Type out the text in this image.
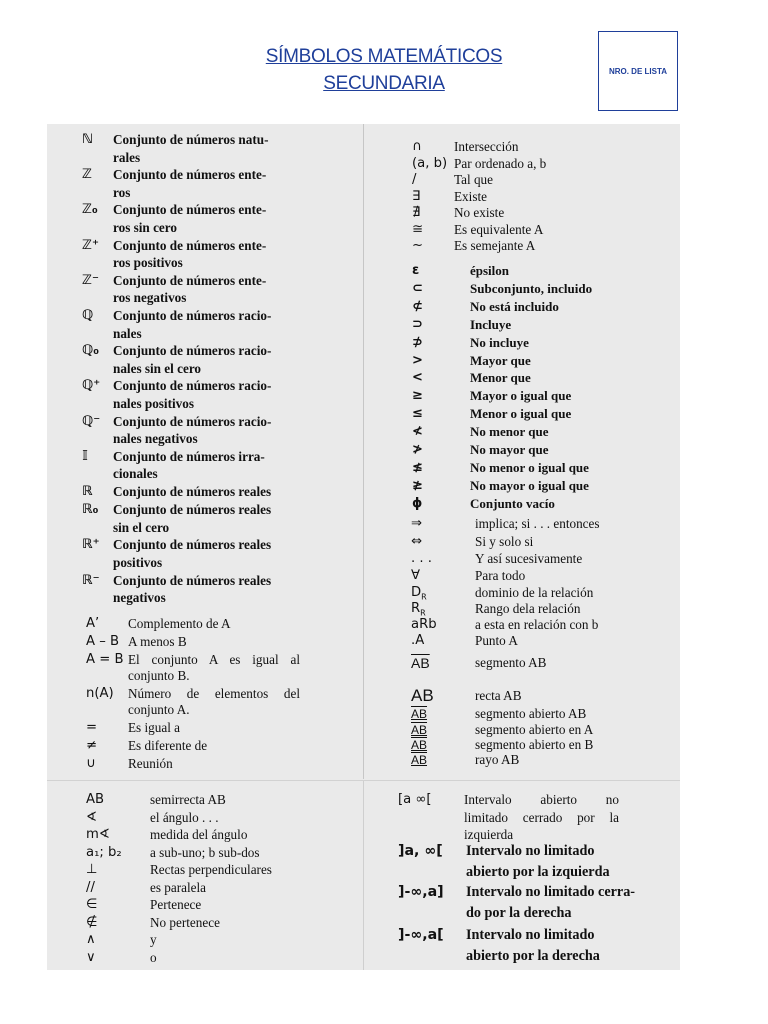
SÍMBOLOS MATEMÁTICOS
SECUNDARIA
NRO. DE LISTA
ℕ Conjunto de números natu-
rales
ℤ Conjunto de números ente-
ros
ℤ₀ Conjunto de números ente-
ros sin cero
ℤ⁺ Conjunto de números ente-
ros positivos
ℤ⁻ Conjunto de números ente-
ros negativos
ℚ Conjunto de números racio-
nales
ℚ₀ Conjunto de números racio-
nales sin el cero
ℚ⁺ Conjunto de números racio-
nales positivos
ℚ⁻ Conjunto de números racio-
nales negativos
𝕀 Conjunto de números irra-
cionales
ℝ Conjunto de números reales
ℝ₀ Conjunto de números reales
sin el cero
ℝ⁺ Conjunto de números reales
positivos
ℝ⁻ Conjunto de números reales
negativos
A’ Complemento de A
A – B A menos B
A = B El conjunto A es igual al
conjunto B.
n(A) Número de elementos del
conjunto A.
= Es igual a
≠ Es diferente de
∪ Reunión
∩ Intersección
(a, b) Par ordenado a, b
/	Tal que
∃	Existe
∄	No existe
≅ Es equivalente A
~ Es semejante A
ε	épsilon
⊂	Subconjunto, incluido
⊄	No está incluido
⊃	Incluye
⊅	No incluye
>	Mayor que
<	Menor que
≥	Mayor o igual que
≤	Menor o igual que
≮	No menor que
≯	No mayor que
≰	No menor o igual que
≱	No mayor o igual que
ϕ	Conjunto vacío
⇒	implica; si . . . entonces
⇔	Si y solo si
. . .	Y así sucesivamente
∀	Para todo
$D_R$	dominio de la relación
$R_R$	Rango dela relación
aRb	a esta en relación con b
.A	Punto A
$\overline{AB}$	segmento AB
AB	recta AB
AB	segmento abierto AB
AB	segmento abierto en A
AB	segmento abierto en B
AB	rayo AB
AB	semirrecta AB
∢	el ángulo . . .
m∢	medida del ángulo
a₁; b₂ a sub-uno; b sub-dos
⊥	Rectas perpendiculares
//	es paralela
∈	Pertenece
∉	No pertenece
∧	y
∨	o
[a ∞[ Intervalo abierto no
limitado cerrado por la
izquierda
]a, ∞[ Intervalo no limitado
abierto por la izquierda
]-∞,a] Intervalo no limitado cerra-
do por la derecha
]-∞,a[ Intervalo no limitado
abierto por la derecha
